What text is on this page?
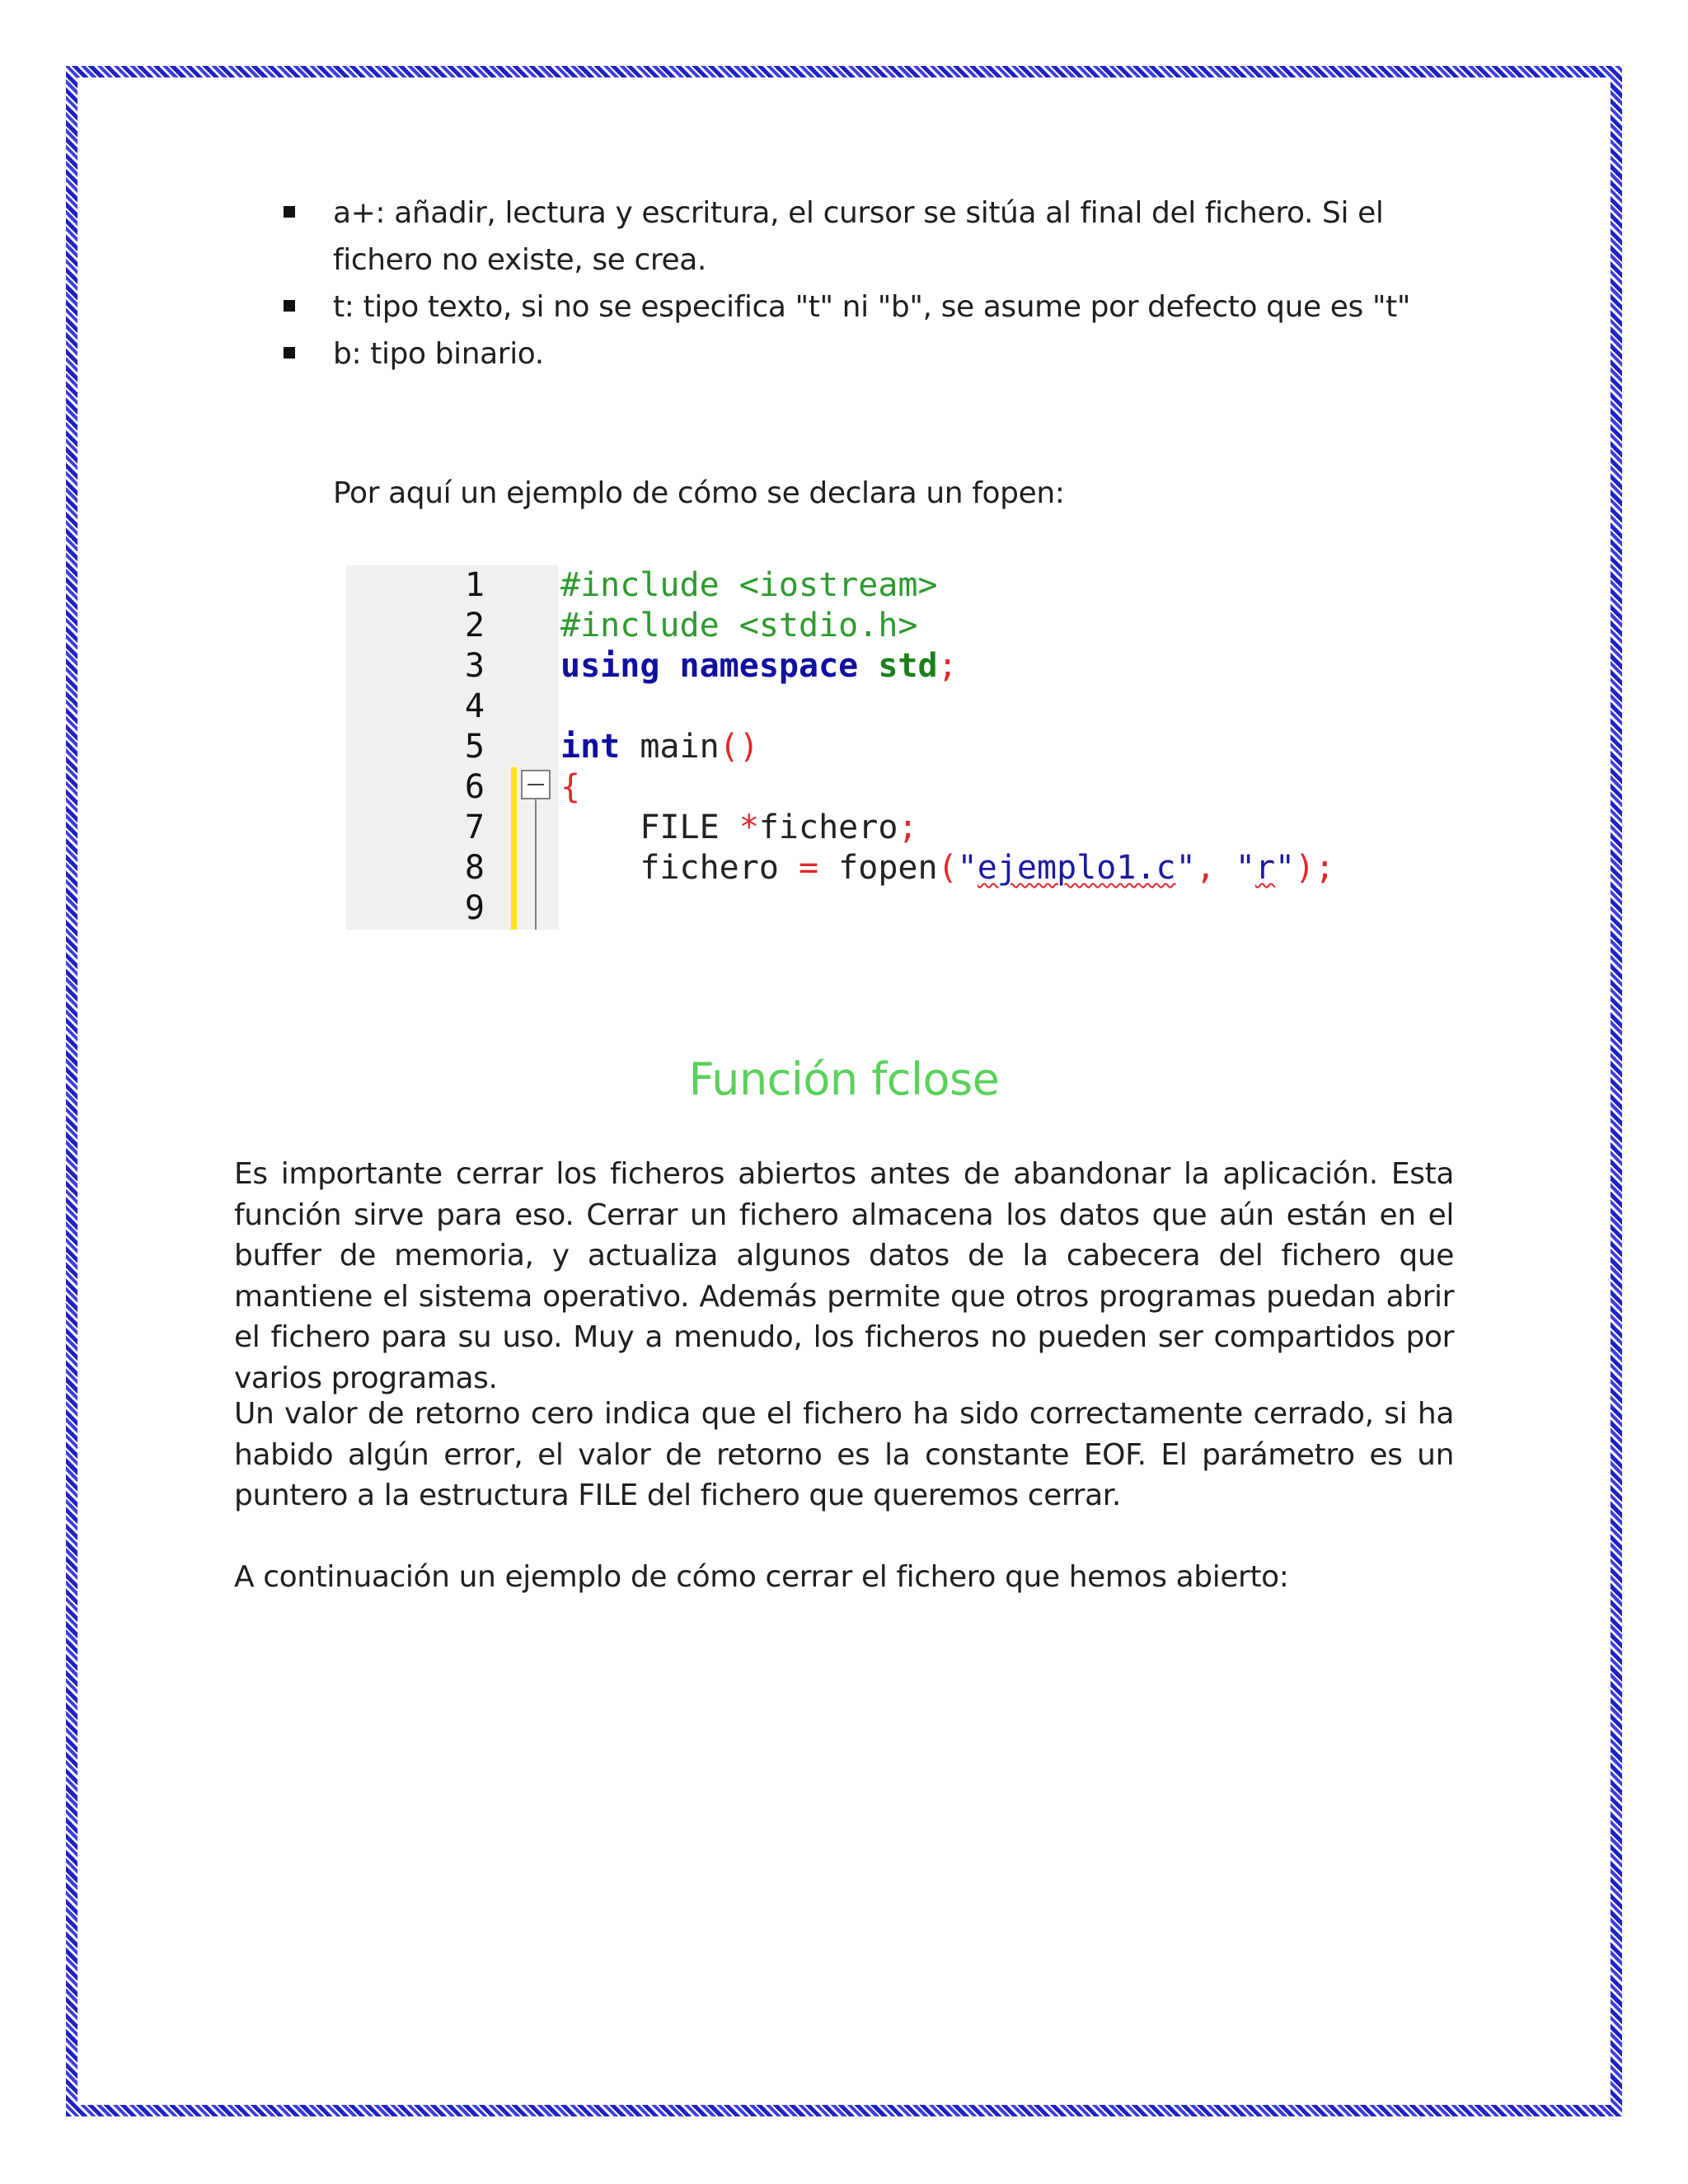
a+: añadir, lectura y escritura, el cursor se sitúa al final del fichero. Si el fichero no existe, se crea.
t: tipo texto, si no se especifica "t" ni "b", se asume por defecto que es "t"
b: tipo binario.

Por aquí un ejemplo de cómo se declara un fopen:

1
2
3
4
5
6
7
8
9
#include <iostream>
#include <stdio.h>
using namespace std;
int main()
{
FILE *fichero;
fichero = fopen("ejemplo1.c", "r");
Función fclose

Es importante cerrar los ficheros abiertos antes de abandonar la aplicación. Esta función sirve para eso. Cerrar un fichero almacena los datos que aún están en el buffer de memoria, y actualiza algunos datos de la cabecera del fichero que mantiene el sistema operativo. Además permite que otros programas puedan abrir el fichero para su uso. Muy a menudo, los ficheros no pueden ser compartidos por varios programas.

Un valor de retorno cero indica que el fichero ha sido correctamente cerrado, si ha habido algún error, el valor de retorno es la constante EOF. El parámetro es un puntero a la estructura FILE del fichero que queremos cerrar.

A continuación un ejemplo de cómo cerrar el fichero que hemos abierto:
